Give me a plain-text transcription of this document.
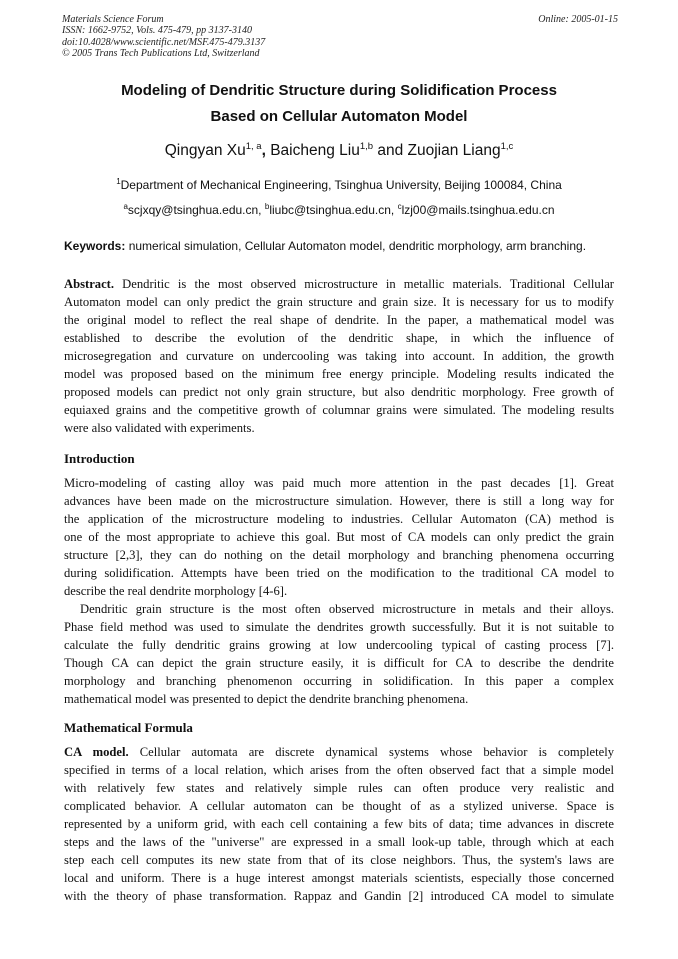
Materials Science Forum
ISSN: 1662-9752, Vols. 475-479, pp 3137-3140
doi:10.4028/www.scientific.net/MSF.475-479.3137
© 2005 Trans Tech Publications Ltd, Switzerland
Online: 2005-01-15
Modeling of Dendritic Structure during Solidification Process
Based on Cellular Automaton Model
Qingyan Xu$^{1, a}$, Baicheng Liu$^{1,b}$ and Zuojian Liang$^{1,c}$
$^1$Department of Mechanical Engineering, Tsinghua University, Beijing 100084, China
$^a$scjxqy@tsinghua.edu.cn, $^b$liubc@tsinghua.edu.cn, $^c$lzj00@mails.tsinghua.edu.cn
Keywords: numerical simulation, Cellular Automaton model, dendritic morphology, arm branching.
Abstract. Dendritic is the most observed microstructure in metallic materials. Traditional Cellular
Automaton model can only predict the grain structure and grain size. It is necessary for us to modify
the original model to reflect the real shape of dendrite. In the paper, a mathematical model was
established to describe the evolution of the dendritic shape, in which the influence of
microsegregation and curvature on undercooling was taking into account. In addition, the growth
model was proposed based on the minimum free energy principle. Modeling results indicated the
proposed models can predict not only grain structure, but also dendritic morphology. Free growth of
equiaxed grains and the competitive growth of columnar grains were simulated. The modeling results
were also validated with experiments.
Introduction
Micro-modeling of casting alloy was paid much more attention in the past decades [1]. Great
advances have been made on the microstructure simulation. However, there is still a long way for
the application of the microstructure modeling to industries. Cellular Automaton (CA) method is
one of the most appropriate to achieve this goal. But most of CA models can only predict the grain
structure [2,3], they can do nothing on the detail morphology and branching phenomena occurring
during solidification. Attempts have been tried on the modification to the traditional CA model to
describe the real dendrite morphology [4-6].
Dendritic grain structure is the most often observed microstructure in metals and their alloys.
Phase field method was used to simulate the dendrites growth successfully. But it is not suitable to
calculate the fully dendritic grains growing at low undercooling typical of casting process [7].
Though CA can depict the grain structure easily, it is difficult for CA to describe the dendrite
morphology and branching phenomenon occurring in solidification. In this paper a complex
mathematical model was presented to depict the dendrite branching phenomena.
Mathematical Formula
CA model. Cellular automata are discrete dynamical systems whose behavior is completely
specified in terms of a local relation, which arises from the often observed fact that a simple model
with relatively few states and relatively simple rules can often produce very realistic and
complicated behavior. A cellular automaton can be thought of as a stylized universe. Space is
represented by a uniform grid, with each cell containing a few bits of data; time advances in discrete
steps and the laws of the "universe" are expressed in a small look-up table, through which at each
step each cell computes its new state from that of its close neighbors. Thus, the system's laws are
local and uniform. There is a huge interest amongst materials scientists, especially those concerned
with the theory of phase transformation. Rappaz and Gandin [2] introduced CA model to simulate
